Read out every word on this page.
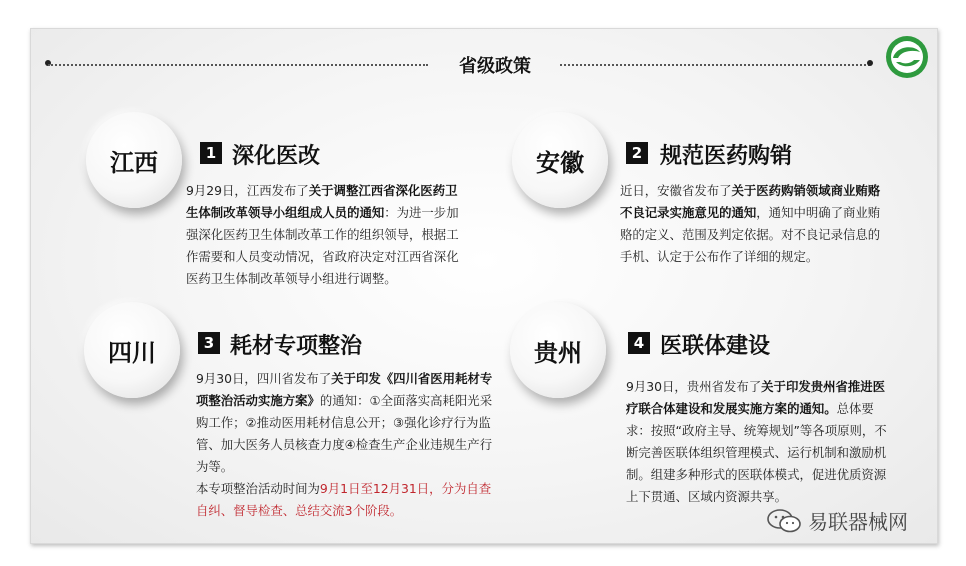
省级政策
江西	1 深化医改
9月29日，江西发布了关于调整江西省深化医药卫生体制改革领导小组组成人员的通知：为进一步加强深化医药卫生体制改革工作的组织领导，根据工作需要和人员变动情况，省政府决定对江西省深化医药卫生体制改革领导小组进行调整。
安徽	2 规范医药购销
近日，安徽省发布了关于医药购销领域商业贿赂不良记录实施意见的通知，通知中明确了商业贿赂的定义、范围及判定依据。对不良记录信息的手机、认定于公布作了详细的规定。
四川	3 耗材专项整治
9月30日，四川省发布了关于印发《四川省医用耗材专项整治活动实施方案》的通知：①全面落实高耗阳光采购工作；②推动医用耗材信息公开；③强化诊疗行为监管、加大医务人员核查力度④检查生产企业违规生产行为等。
本专项整治活动时间为9月1日至12月31日，分为自查自纠、督导检查、总结交流3个阶段。
贵州	4 医联体建设
9月30日，贵州省发布了关于印发贵州省推进医疗联合体建设和发展实施方案的通知。总体要求：按照“政府主导、统筹规划”等各项原则，不断完善医联体组织管理模式、运行机制和激励机制。组建多种形式的医联体模式，促进优质资源上下贯通、区域内资源共享。
易联器械网
